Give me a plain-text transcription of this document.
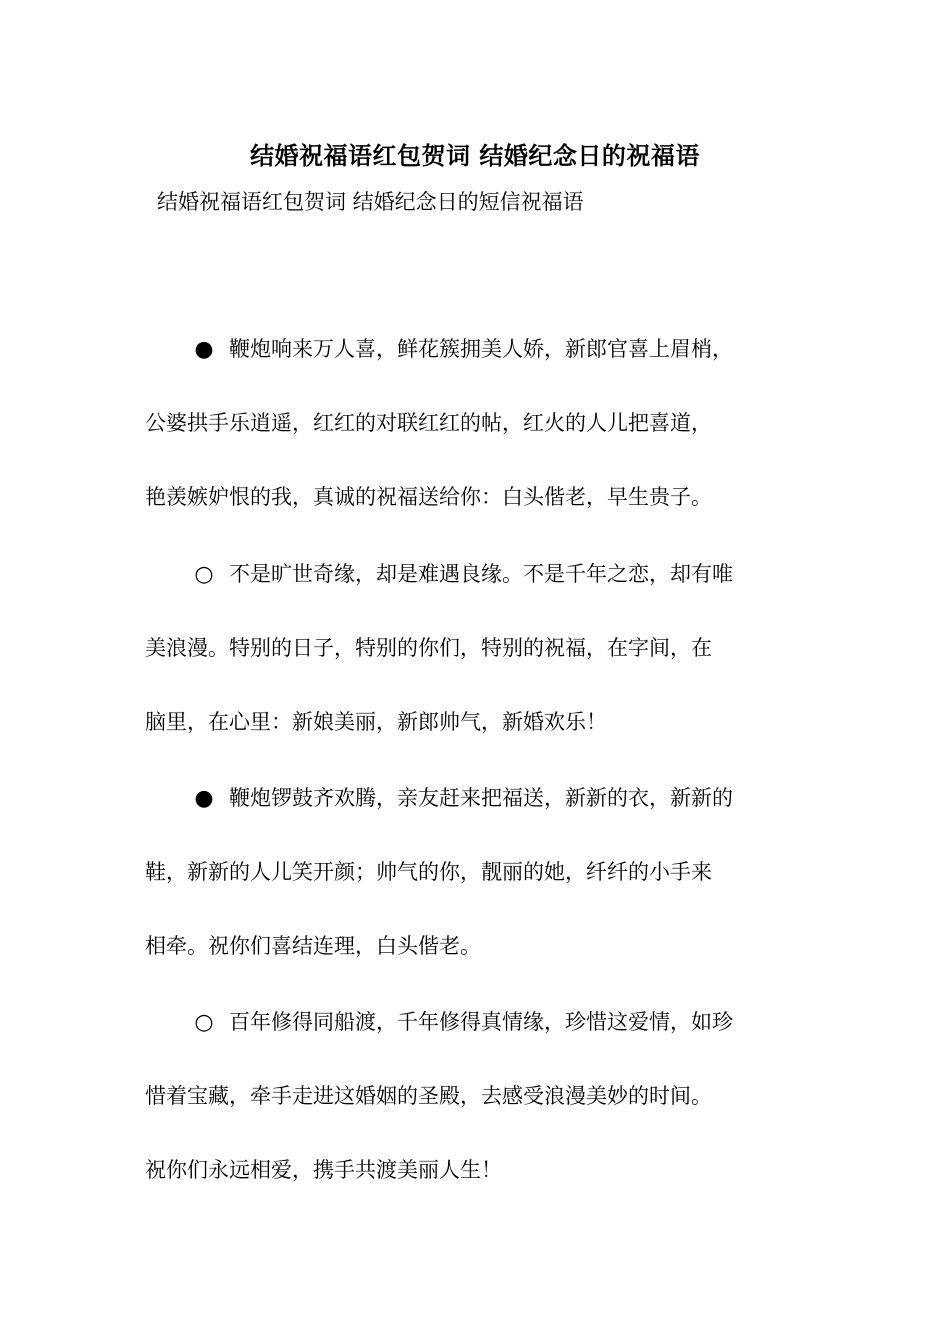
结婚祝福语红包贺词 结婚纪念日的祝福语
结婚祝福语红包贺词 结婚纪念日的短信祝福语
● 鞭炮响来万人喜，鲜花簇拥美人娇，新郎官喜上眉梢，
公婆拱手乐逍遥，红红的对联红红的帖，红火的人儿把喜道，
艳羡嫉妒恨的我，真诚的祝福送给你：白头偕老，早生贵子。
○ 不是旷世奇缘，却是难遇良缘。不是千年之恋，却有唯
美浪漫。特别的日子，特别的你们，特别的祝福，在字间，在
脑里，在心里：新娘美丽，新郎帅气，新婚欢乐！
● 鞭炮锣鼓齐欢腾，亲友赶来把福送，新新的衣，新新的
鞋，新新的人儿笑开颜；帅气的你，靓丽的她，纤纤的小手来
相牵。祝你们喜结连理，白头偕老。
○ 百年修得同船渡，千年修得真情缘，珍惜这爱情，如珍
惜着宝藏，牵手走进这婚姻的圣殿，去感受浪漫美妙的时间。
祝你们永远相爱，携手共渡美丽人生！
